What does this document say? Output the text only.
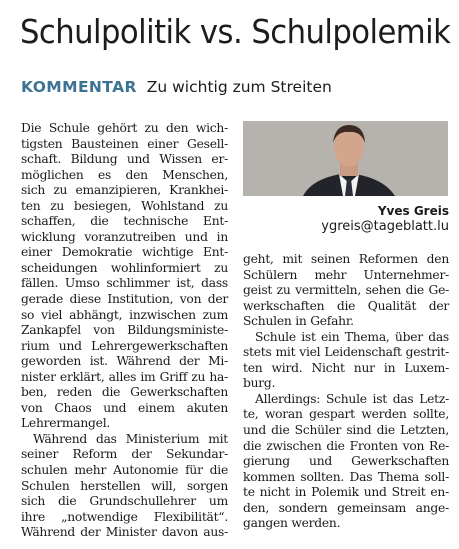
Schulpolitik vs. Schulpolemik
KOMMENTAR Zu wichtig zum Streiten
Die Schule gehört zu den wich-
tigsten Bausteinen einer Gesell-
schaft. Bildung und Wissen er-
möglichen es den Menschen,
sich zu emanzipieren, Krankhei-
ten zu besiegen, Wohlstand zu
schaffen, die technische Ent-
wicklung voranzutreiben und in
einer Demokratie wichtige Ent-
scheidungen wohlinformiert zu
fällen. Umso schlimmer ist, dass
gerade diese Institution, von der
so viel abhängt, inzwischen zum
Zankapfel von Bildungsministe-
rium und Lehrergewerkschaften
geworden ist. Während der Mi-
nister erklärt, alles im Griff zu ha-
ben, reden die Gewerkschaften
von Chaos und einem akuten
Lehrermangel.
Während das Ministerium mit
seiner Reform der Sekundar-
schulen mehr Autonomie für die
Schulen herstellen will, sorgen
sich die Grundschullehrer um
ihre „notwendige Flexibilität“.
Während der Minister davon aus-
Yves Greis
ygreis@tageblatt.lu
geht, mit seinen Reformen den
Schülern mehr Unternehmer-
geist zu vermitteln, sehen die Ge-
werkschaften die Qualität der
Schulen in Gefahr.
Schule ist ein Thema, über das
stets mit viel Leidenschaft gestrit-
ten wird. Nicht nur in Luxem-
burg.
Allerdings: Schule ist das Letz-
te, woran gespart werden sollte,
und die Schüler sind die Letzten,
die zwischen die Fronten von Re-
gierung und Gewerkschaften
kommen sollten. Das Thema soll-
te nicht in Polemik und Streit en-
den, sondern gemeinsam ange-
gangen werden.
